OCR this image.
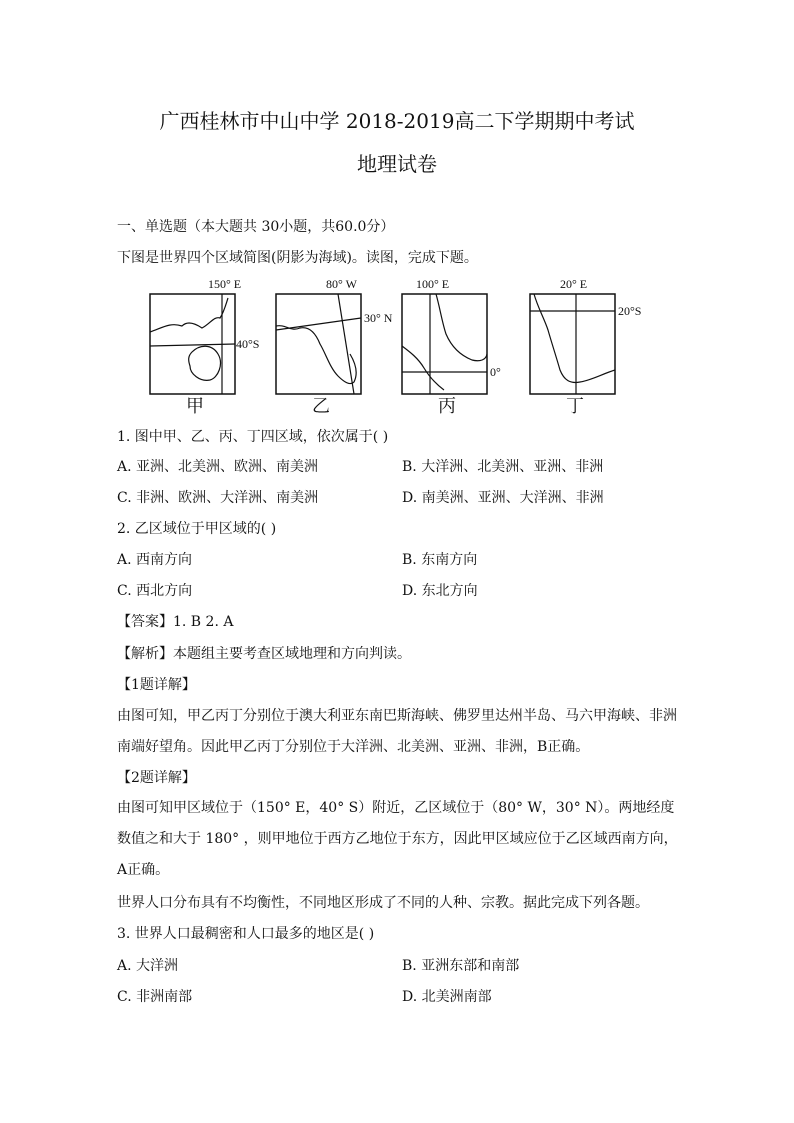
广西桂林市中山中学 2018-2019高二下学期期中考试
地理试卷
一、单选题（本大题共 30小题，共60.0分）
下图是世界四个区域简图(阴影为海域)。读图，完成下题。
150° E
40°S
甲
80° W
30° N
乙
100° E
0°
丙
20° E
20°S
丁
1. 图中甲、乙、丙、丁四区域，依次属于( )
A. 亚洲、北美洲、欧洲、南美洲	B. 大洋洲、北美洲、亚洲、非洲
C. 非洲、欧洲、大洋洲、南美洲	D. 南美洲、亚洲、大洋洲、非洲
2. 乙区域位于甲区域的( )
A. 西南方向	B. 东南方向
C. 西北方向	D. 东北方向
【答案】1. B 2. A
【解析】本题组主要考查区域地理和方向判读。
【1题详解】
由图可知，甲乙丙丁分别位于澳大利亚东南巴斯海峡、佛罗里达州半岛、马六甲海峡、非洲南端好望角。因此甲乙丙丁分别位于大洋洲、北美洲、亚洲、非洲，B正确。
【2题详解】
由图可知甲区域位于（150° E，40° S）附近，乙区域位于（80° W，30° N）。两地经度数值之和大于 180° ，则甲地位于西方乙地位于东方，因此甲区域应位于乙区域西南方向，A正确。
世界人口分布具有不均衡性，不同地区形成了不同的人种、宗教。据此完成下列各题。
3. 世界人口最稠密和人口最多的地区是( )
A. 大洋洲	B. 亚洲东部和南部
C. 非洲南部	D. 北美洲南部
